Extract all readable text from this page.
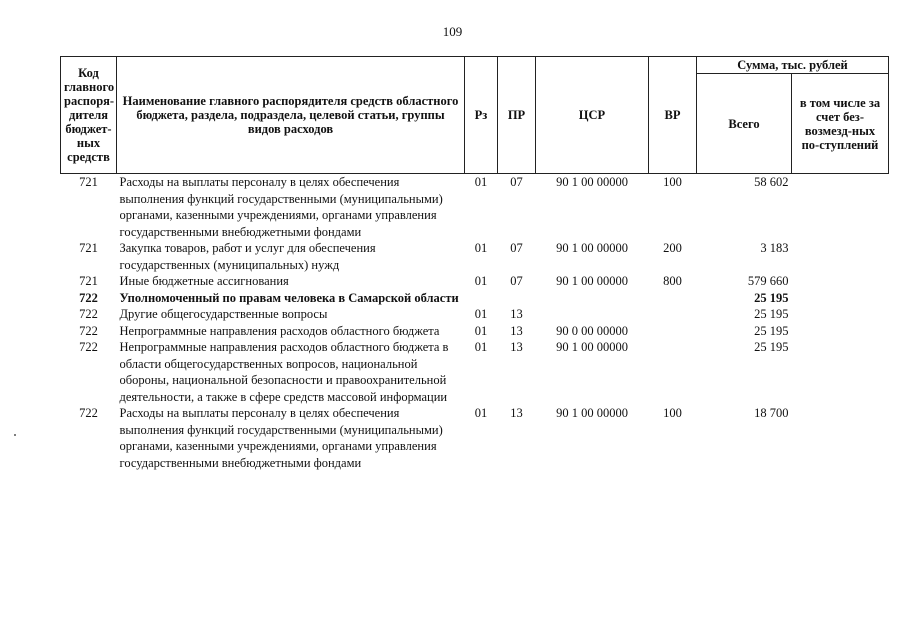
109
Код главного распоря-дителя бюджет-ных средств	Наименование главного распорядителя средств областного бюджета, раздела, подраздела, целевой статьи, группы видов расходов	Рз	ПР	ЦСР	ВР	Сумма, тыс. рублей	
						Всего	в том числе за счет без-возмезд-ных по-ступлений
721	Расходы на выплаты персоналу в целях обеспечения выполнения функций государственными (муниципальными) органами, казенными учреждениями, органами управления государственными внебюджетными фондами	01	07	90 1 00 00000	100	58 602	
721	Закупка товаров, работ и услуг для обеспечения государственных (муниципальных) нужд	01	07	90 1 00 00000	200	3 183	
721	Иные бюджетные ассигнования	01	07	90 1 00 00000	800	579 660	
722	Уполномоченный по правам человека в Самарской области					25 195	
722	Другие общегосударственные вопросы	01	13			25 195	
722	Непрограммные направления расходов областного бюджета	01	13	90 0 00 00000		25 195	
722	Непрограммные направления расходов областного бюджета в области общегосударственных вопросов, национальной обороны, национальной безопасности и правоохранительной деятельности, а также в сфере средств массовой информации	01	13	90 1 00 00000		25 195	
722	Расходы на выплаты персоналу в целях обеспечения выполнения функций государственными (муниципальными) органами, казенными учреждениями, органами управления государственными внебюджетными фондами	01	13	90 1 00 00000	100	18 700	
